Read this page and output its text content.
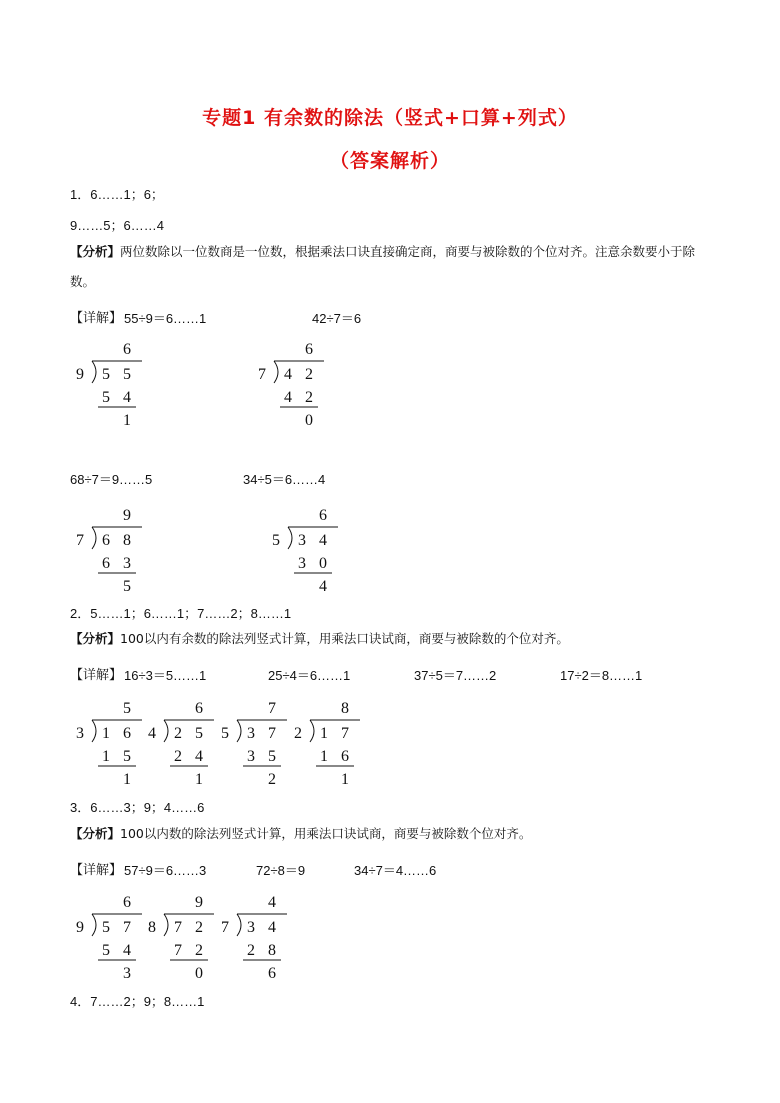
专题1 有余数的除法（竖式+口算+列式）
（答案解析）
1．6……1；6；
9……5；6……4
【分析】两位数除以一位数商是一位数，根据乘法口诀直接确定商，商要与被除数的个位对齐。注意余数要小于除数。
【详解】 55÷9＝6……1	42÷7＝6
6
9 5 5
5 4
1
6
7 4 2
4 2
0
68÷7＝9……5	34÷5＝6……4
9
7 6 8
6 3
5
6
5 3 4
3 0
4
2．5……1；6……1；7……2；8……1
【分析】100以内有余数的除法列竖式计算，用乘法口诀试商，商要与被除数的个位对齐。
【详解】 16÷3＝5……1	25÷4＝6……1	37÷5＝7……2	17÷2＝8……1
5
3 1 6
1 5
1
6
4 2 5
2 4
1
7
5 3 7
3 5
2
8
2 1 7
1 6
1
3．6……3；9；4……6
【分析】100以内数的除法列竖式计算，用乘法口诀试商，商要与被除数个位对齐。
【详解】 57÷9＝6……3	72÷8＝9	34÷7＝4……6
6
9 5 7
5 4
3
9
8 7 2
7 2
0
4
7 3 4
2 8
6
4．7……2；9；8……1
